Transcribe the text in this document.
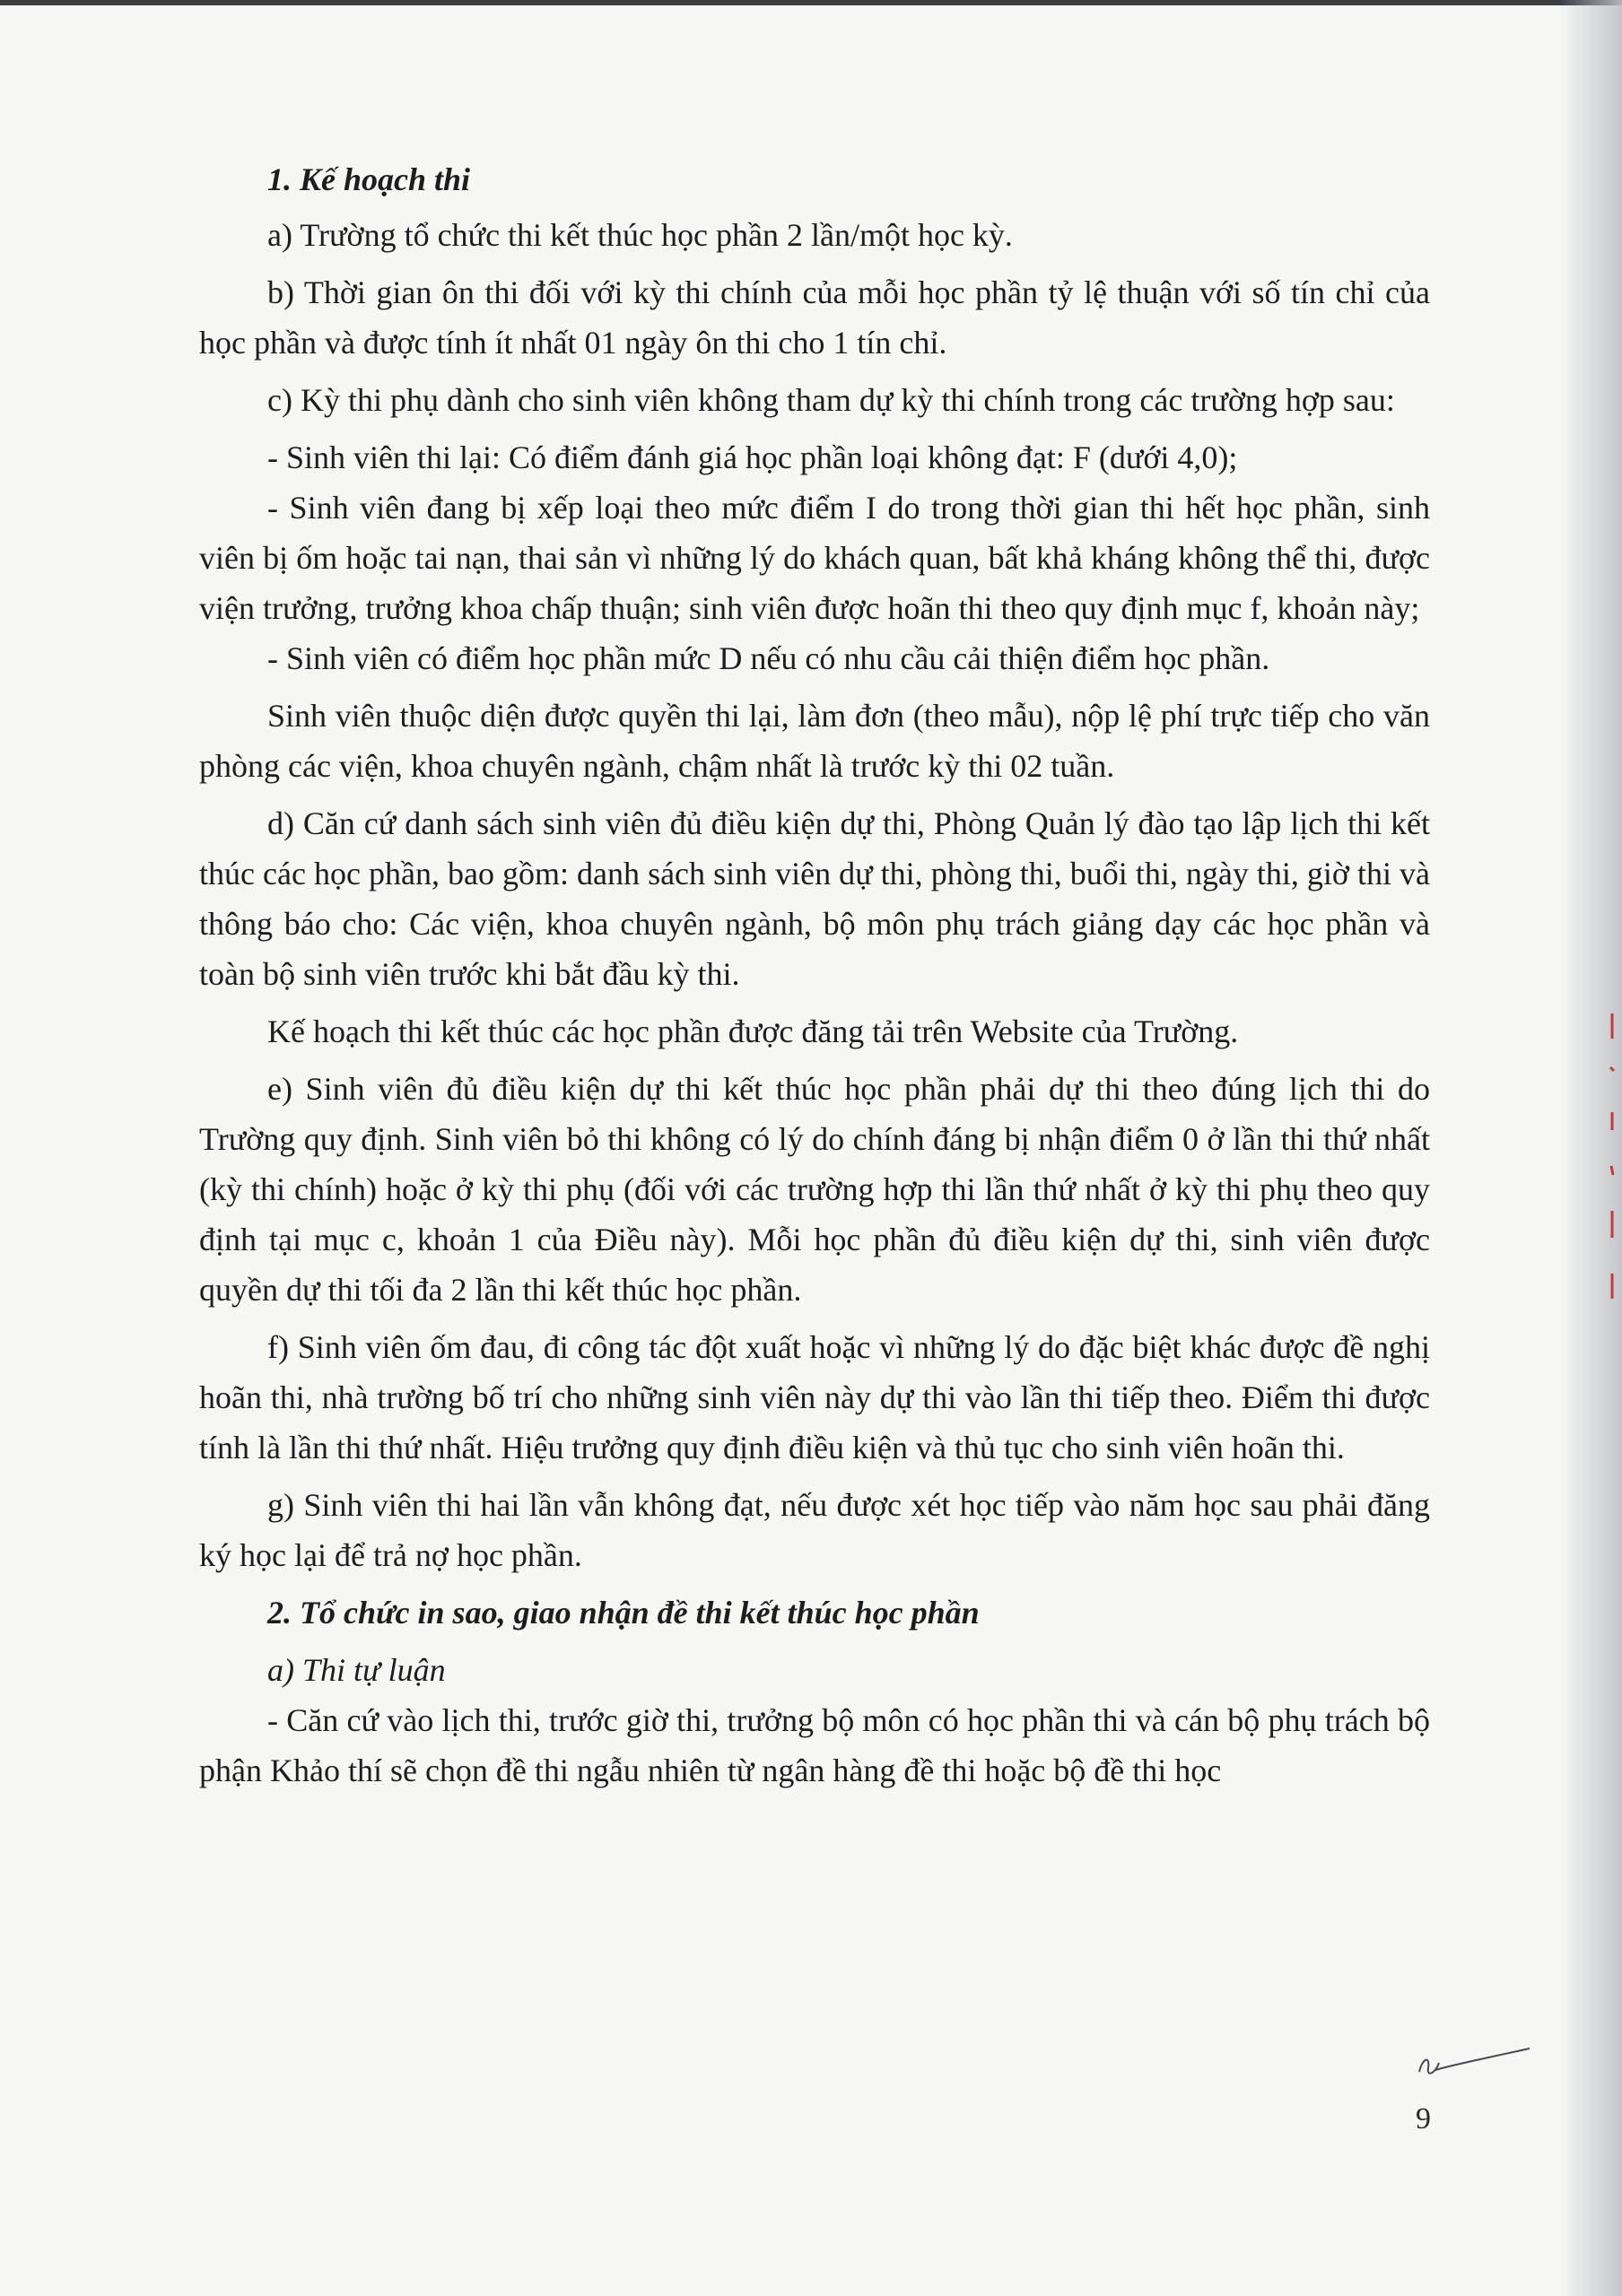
1. Kế hoạch thi

a) Trường tổ chức thi kết thúc học phần 2 lần/một học kỳ.

b) Thời gian ôn thi đối với kỳ thi chính của mỗi học phần tỷ lệ thuận với số tín chỉ của học phần và được tính ít nhất 01 ngày ôn thi cho 1 tín chỉ.

c) Kỳ thi phụ dành cho sinh viên không tham dự kỳ thi chính trong các trường hợp sau:

- Sinh viên thi lại: Có điểm đánh giá học phần loại không đạt: F (dưới 4,0);

- Sinh viên đang bị xếp loại theo mức điểm I do trong thời gian thi hết học phần, sinh viên bị ốm hoặc tai nạn, thai sản vì những lý do khách quan, bất khả kháng không thể thi, được viện trưởng, trưởng khoa chấp thuận; sinh viên được hoãn thi theo quy định mục f, khoản này;

- Sinh viên có điểm học phần mức D nếu có nhu cầu cải thiện điểm học phần.

Sinh viên thuộc diện được quyền thi lại, làm đơn (theo mẫu), nộp lệ phí trực tiếp cho văn phòng các viện, khoa chuyên ngành, chậm nhất là trước kỳ thi 02 tuần.

d) Căn cứ danh sách sinh viên đủ điều kiện dự thi, Phòng Quản lý đào tạo lập lịch thi kết thúc các học phần, bao gồm: danh sách sinh viên dự thi, phòng thi, buổi thi, ngày thi, giờ thi và thông báo cho: Các viện, khoa chuyên ngành, bộ môn phụ trách giảng dạy các học phần và toàn bộ sinh viên trước khi bắt đầu kỳ thi.

Kế hoạch thi kết thúc các học phần được đăng tải trên Website của Trường.

e) Sinh viên đủ điều kiện dự thi kết thúc học phần phải dự thi theo đúng lịch thi do Trường quy định. Sinh viên bỏ thi không có lý do chính đáng bị nhận điểm 0 ở lần thi thứ nhất (kỳ thi chính) hoặc ở kỳ thi phụ (đối với các trường hợp thi lần thứ nhất ở kỳ thi phụ theo quy định tại mục c, khoản 1 của Điều này). Mỗi học phần đủ điều kiện dự thi, sinh viên được quyền dự thi tối đa 2 lần thi kết thúc học phần.

f) Sinh viên ốm đau, đi công tác đột xuất hoặc vì những lý do đặc biệt khác được đề nghị hoãn thi, nhà trường bố trí cho những sinh viên này dự thi vào lần thi tiếp theo. Điểm thi được tính là lần thi thứ nhất. Hiệu trưởng quy định điều kiện và thủ tục cho sinh viên hoãn thi.

g) Sinh viên thi hai lần vẫn không đạt, nếu được xét học tiếp vào năm học sau phải đăng ký học lại để trả nợ học phần.

2. Tổ chức in sao, giao nhận đề thi kết thúc học phần

a) Thi tự luận

- Căn cứ vào lịch thi, trước giờ thi, trưởng bộ môn có học phần thi và cán bộ phụ trách bộ phận Khảo thí sẽ chọn đề thi ngẫu nhiên từ ngân hàng đề thi hoặc bộ đề thi học

9
